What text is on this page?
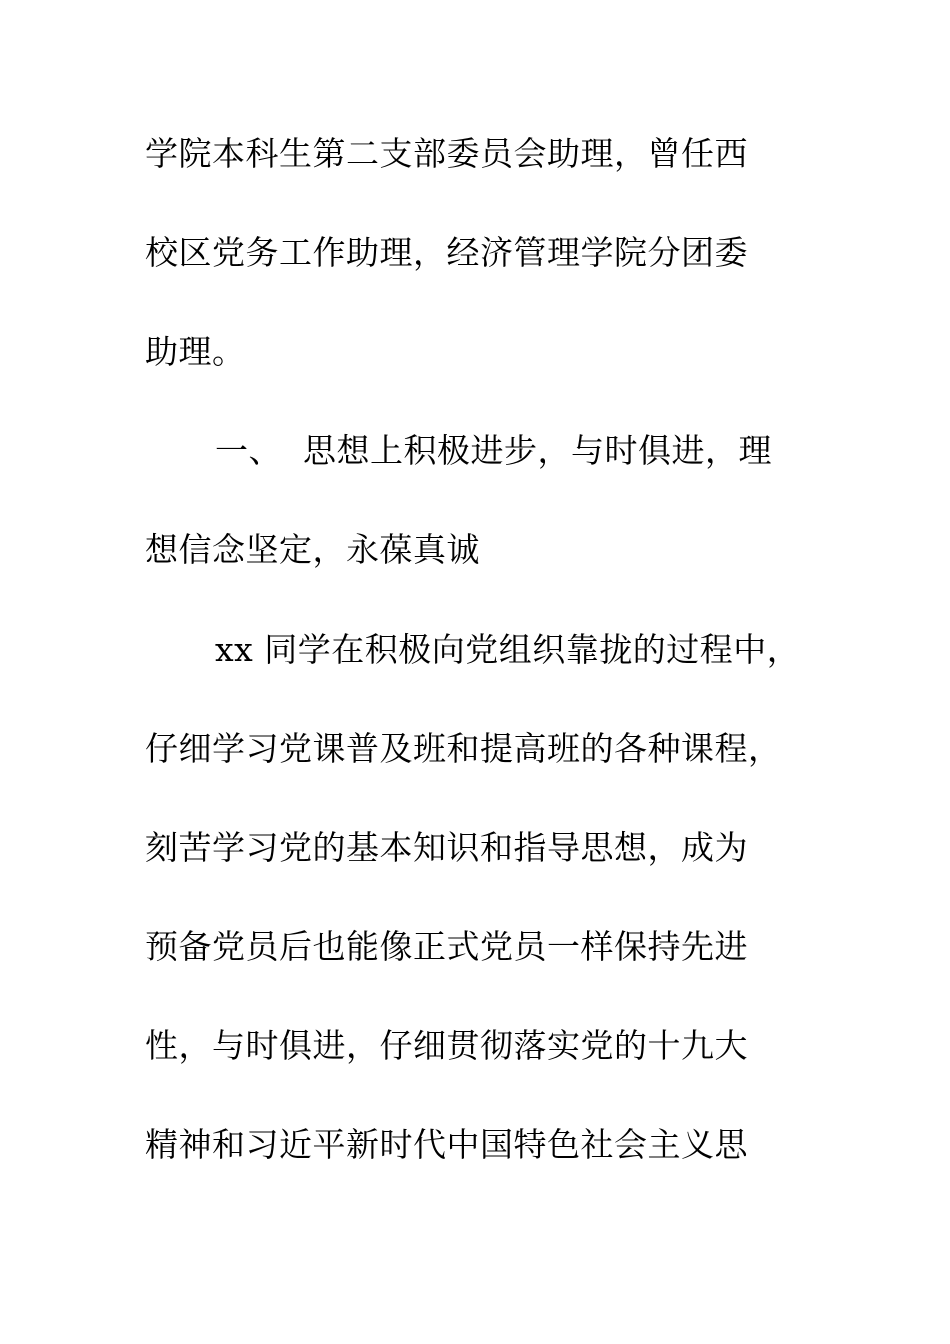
学院本科生第二支部委员会助理，曾任西
校区党务工作助理，经济管理学院分团委
助理。
一、 思想上积极进步，与时俱进，理
想信念坚定，永葆真诚
xx 同学在积极向党组织靠拢的过程中，
仔细学习党课普及班和提高班的各种课程，
刻苦学习党的基本知识和指导思想，成为
预备党员后也能像正式党员一样保持先进
性，与时俱进，仔细贯彻落实党的十九大
精神和习近平新时代中国特色社会主义思
